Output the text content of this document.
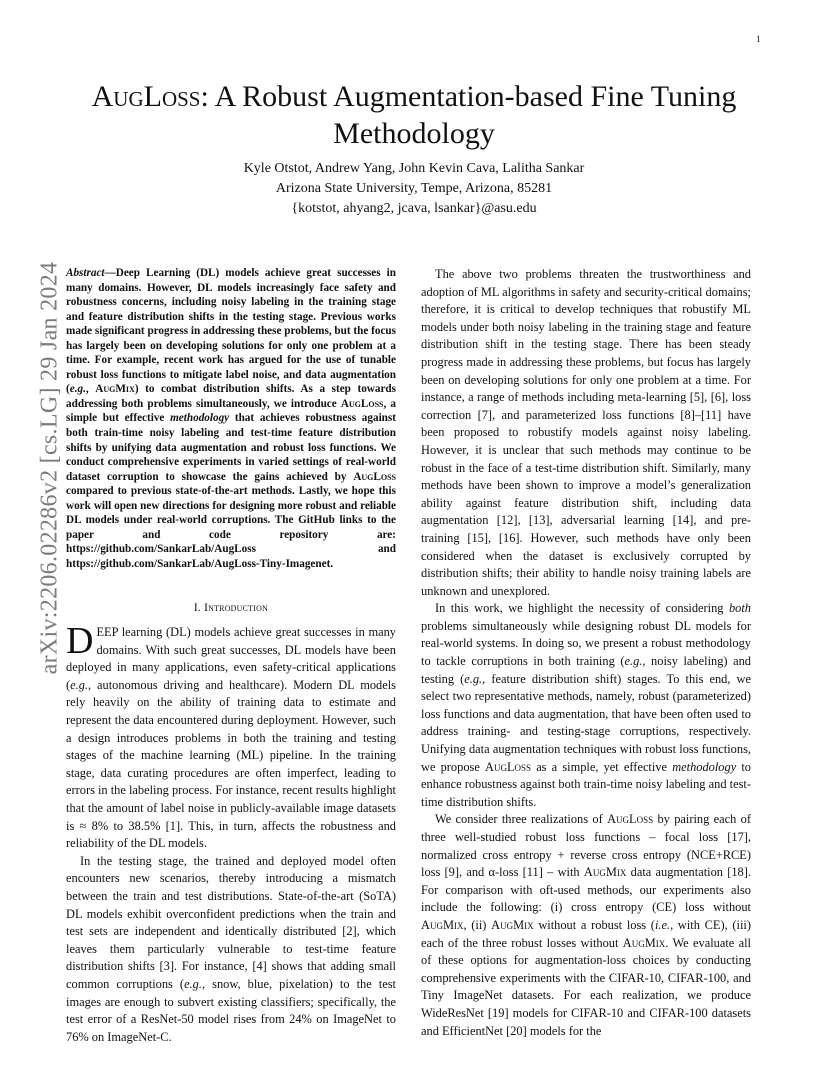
1
arXiv:2206.02286v2 [cs.LG] 29 Jan 2024
AugLoss: A Robust Augmentation-based Fine Tuning Methodology
Kyle Otstot, Andrew Yang, John Kevin Cava, Lalitha Sankar
Arizona State University, Tempe, Arizona, 85281
{kotstot, ahyang2, jcava, lsankar}@asu.edu

Abstract—Deep Learning (DL) models achieve great successes in many domains. However, DL models increasingly face safety and robustness concerns, including noisy labeling in the training stage and feature distribution shifts in the testing stage. Previous works made significant progress in addressing these problems, but the focus has largely been on developing solutions for only one problem at a time. For example, recent work has argued for the use of tunable robust loss functions to mitigate label noise, and data augmentation (e.g., AugMix) to combat distribution shifts. As a step towards addressing both problems simultaneously, we introduce AugLoss, a simple but effective methodology that achieves robustness against both train-time noisy labeling and test-time feature distribution shifts by unifying data augmentation and robust loss functions. We conduct comprehensive experiments in varied settings of real-world dataset corruption to showcase the gains achieved by AugLoss compared to previous state-of-the-art methods. Lastly, we hope this work will open new directions for designing more robust and reliable DL models under real-world corruptions. The GitHub links to the paper and code repository are: https://github.com/SankarLab/AugLoss and https://github.com/SankarLab/AugLoss-Tiny-Imagenet.

I. Introduction

DEEP learning (DL) models achieve great successes in many domains. With such great successes, DL models have been deployed in many applications, even safety-critical applications (e.g., autonomous driving and healthcare). Modern DL models rely heavily on the ability of training data to estimate and represent the data encountered during deployment. However, such a design introduces problems in both the training and testing stages of the machine learning (ML) pipeline. In the training stage, data curating procedures are often imperfect, leading to errors in the labeling process. For instance, recent results highlight that the amount of label noise in publicly-available image datasets is ≈ 8% to 38.5% [1]. This, in turn, affects the robustness and reliability of the DL models.

In the testing stage, the trained and deployed model often encounters new scenarios, thereby introducing a mismatch between the train and test distributions. State-of-the-art (SoTA) DL models exhibit overconfident predictions when the train and test sets are independent and identically distributed [2], which leaves them particularly vulnerable to test-time feature distribution shifts [3]. For instance, [4] shows that adding small common corruptions (e.g., snow, blue, pixelation) to the test images are enough to subvert existing classifiers; specifically, the test error of a ResNet-50 model rises from 24% on ImageNet to 76% on ImageNet-C.

The above two problems threaten the trustworthiness and adoption of ML algorithms in safety and security-critical domains; therefore, it is critical to develop techniques that robustify ML models under both noisy labeling in the training stage and feature distribution shift in the testing stage. There has been steady progress made in addressing these problems, but focus has largely been on developing solutions for only one problem at a time. For instance, a range of methods including meta-learning [5], [6], loss correction [7], and parameterized loss functions [8]–[11] have been proposed to robustify models against noisy labeling. However, it is unclear that such methods may continue to be robust in the face of a test-time distribution shift. Similarly, many methods have been shown to improve a model’s generalization ability against feature distribution shift, including data augmentation [12], [13], adversarial learning [14], and pre-training [15], [16]. However, such methods have only been considered when the dataset is exclusively corrupted by distribution shifts; their ability to handle noisy training labels are unknown and unexplored.

In this work, we highlight the necessity of considering both problems simultaneously while designing robust DL models for real-world systems. In doing so, we present a robust methodology to tackle corruptions in both training (e.g., noisy labeling) and testing (e.g., feature distribution shift) stages. To this end, we select two representative methods, namely, robust (parameterized) loss functions and data augmentation, that have been often used to address training- and testing-stage corruptions, respectively. Unifying data augmentation techniques with robust loss functions, we propose AugLoss as a simple, yet effective methodology to enhance robustness against both train-time noisy labeling and test-time distribution shifts.

We consider three realizations of AugLoss by pairing each of three well-studied robust loss functions – focal loss [17], normalized cross entropy + reverse cross entropy (NCE+RCE) loss [9], and α-loss [11] – with AugMix data augmentation [18]. For comparison with oft-used methods, our experiments also include the following: (i) cross entropy (CE) loss without AugMix, (ii) AugMix without a robust loss (i.e., with CE), (iii) each of the three robust losses without AugMix. We evaluate all of these options for augmentation-loss choices by conducting comprehensive experiments with the CIFAR-10, CIFAR-100, and Tiny ImageNet datasets. For each realization, we produce WideResNet [19] models for CIFAR-10 and CIFAR-100 datasets and EfficientNet [20] models for the
